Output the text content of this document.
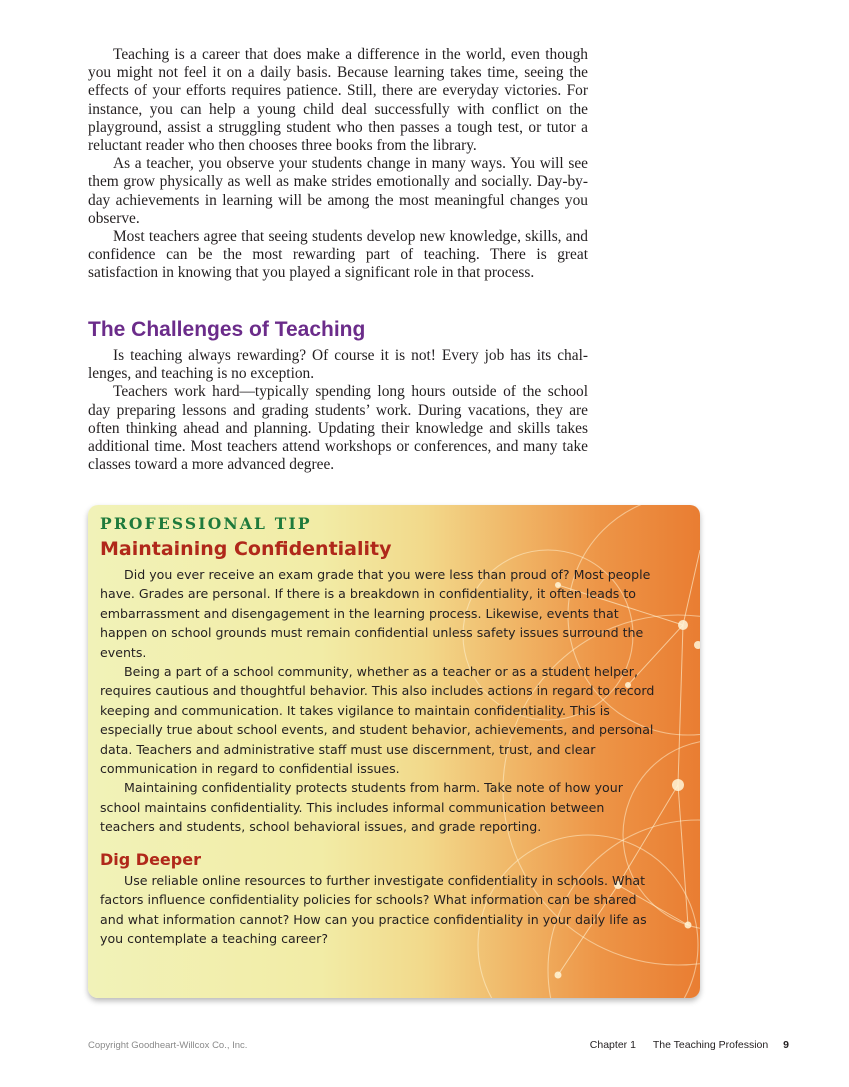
Teaching is a career that does make a difference in the world, even though you might not feel it on a daily basis. Because learning takes time, seeing the effects of your efforts requires patience. Still, there are everyday victories. For instance, you can help a young child deal successfully with conflict on the playground, assist a struggling student who then passes a tough test, or tutor a reluctant reader who then chooses three books from the library.

As a teacher, you observe your students change in many ways. You will see them grow physically as well as make strides emotionally and socially. Day-by-day achievements in learning will be among the most meaningful changes you observe.

Most teachers agree that seeing students develop new knowledge, skills, and confidence can be the most rewarding part of teaching. There is great satisfaction in knowing that you played a significant role in that process.

The Challenges of Teaching

Is teaching always rewarding? Of course it is not! Every job has its challenges, and teaching is no exception.

Teachers work hard—typically spending long hours outside of the school day preparing lessons and grading students’ work. During vacations, they are often thinking ahead and planning. Updating their knowledge and skills takes additional time. Most teachers attend workshops or conferences, and many take classes toward a more advanced degree.

PROFESSIONAL TIP
Maintaining Confidentiality

Did you ever receive an exam grade that you were less than proud of? Most people have. Grades are personal. If there is a breakdown in confidentiality, it often leads to embarrassment and disengagement in the learning process. Likewise, events that happen on school grounds must remain confidential unless safety issues surround the events.

Being a part of a school community, whether as a teacher or as a student helper, requires cautious and thoughtful behavior. This also includes actions in regard to record keeping and communication. It takes vigilance to maintain confidentiality. This is especially true about school events, and student behavior, achievements, and personal data. Teachers and administrative staff must use discernment, trust, and clear communication in regard to confidential issues.

Maintaining confidentiality protects students from harm. Take note of how your school maintains confidentiality. This includes informal communication between teachers and students, school behavioral issues, and grade reporting.

Dig Deeper

Use reliable online resources to further investigate confidentiality in schools. What factors influence confidentiality policies for schools? What information can be shared and what information cannot? How can you practice confidentiality in your daily life as you contemplate a teaching career?

Copyright Goodheart-Willcox Co., Inc.	Chapter 1 The Teaching Profession 9
